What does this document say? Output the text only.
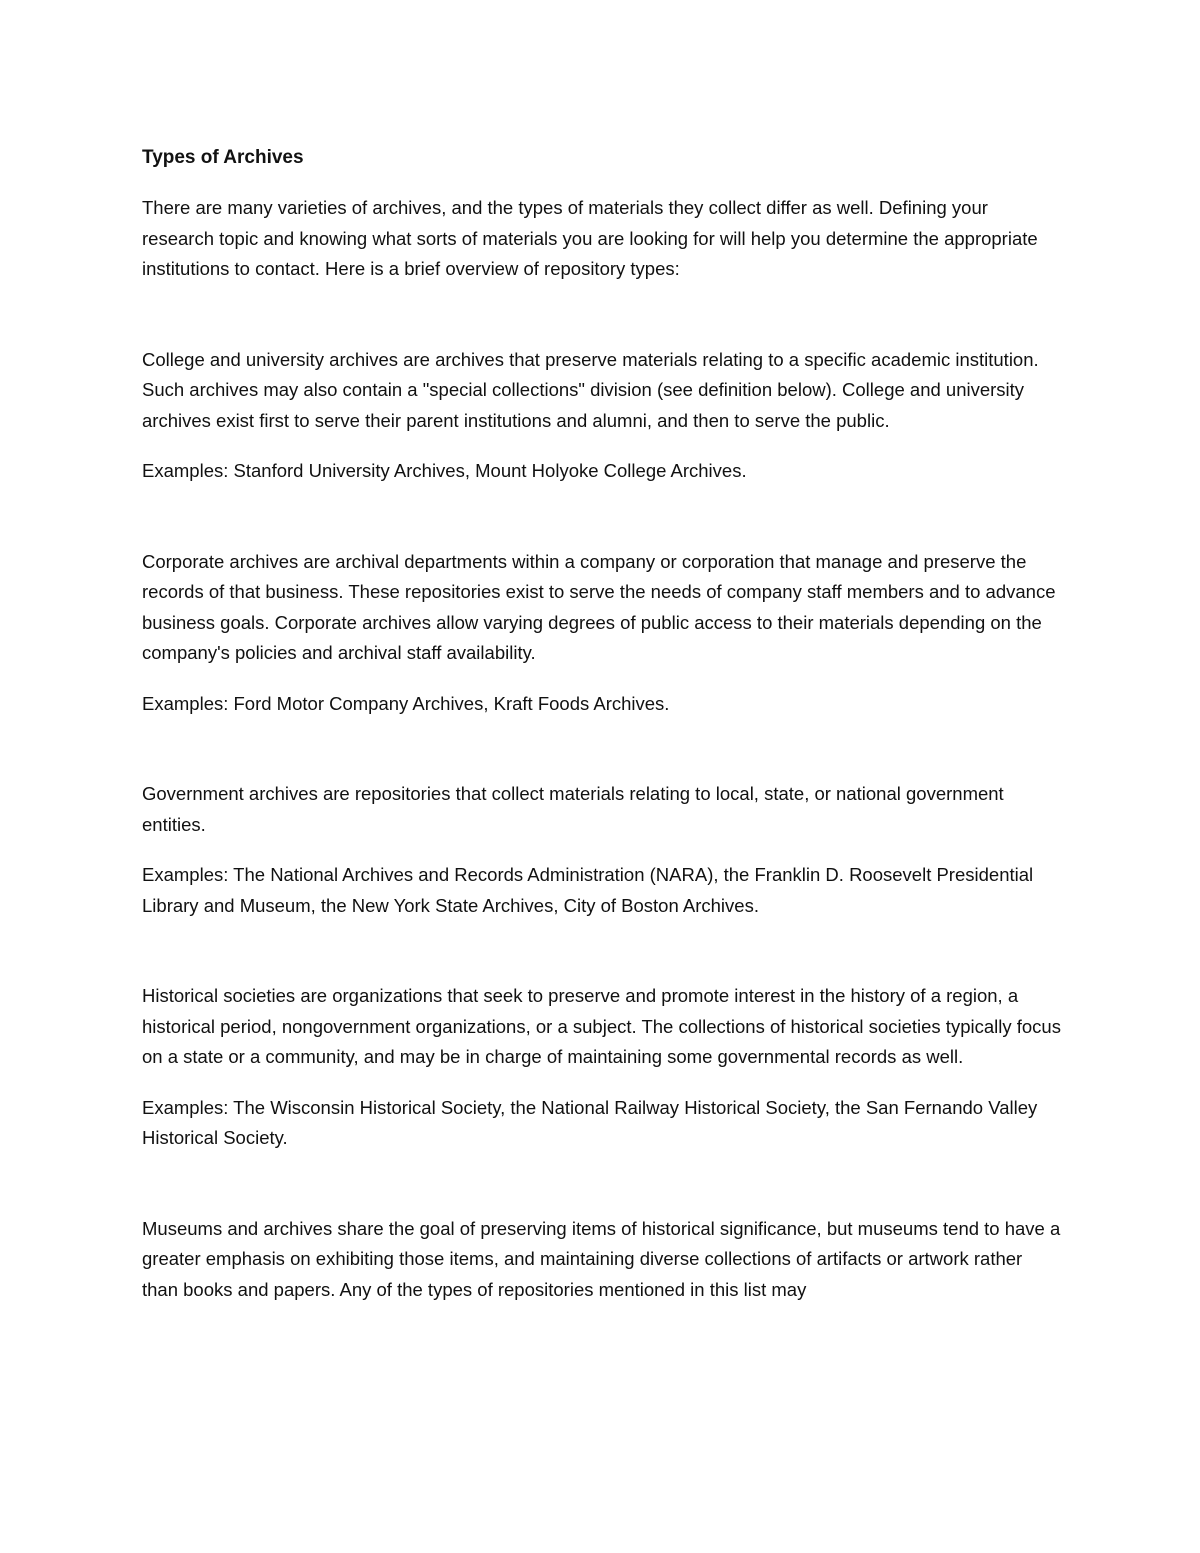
Types of Archives

There are many varieties of archives, and the types of materials they collect differ as well. Defining your research topic and knowing what sorts of materials you are looking for will help you determine the appropriate institutions to contact. Here is a brief overview of repository types:

College and university archives are archives that preserve materials relating to a specific academic institution. Such archives may also contain a "special collections" division (see definition below). College and university archives exist first to serve their parent institutions and alumni, and then to serve the public.

Examples: Stanford University Archives, Mount Holyoke College Archives.

Corporate archives are archival departments within a company or corporation that manage and preserve the records of that business. These repositories exist to serve the needs of company staff members and to advance business goals. Corporate archives allow varying degrees of public access to their materials depending on the company's policies and archival staff availability.

Examples: Ford Motor Company Archives, Kraft Foods Archives.

Government archives are repositories that collect materials relating to local, state, or national government entities.

Examples: The National Archives and Records Administration (NARA), the Franklin D. Roosevelt Presidential Library and Museum, the New York State Archives, City of Boston Archives.

Historical societies are organizations that seek to preserve and promote interest in the history of a region, a historical period, nongovernment organizations, or a subject. The collections of historical societies typically focus on a state or a community, and may be in charge of maintaining some governmental records as well.

Examples: The Wisconsin Historical Society, the National Railway Historical Society, the San Fernando Valley Historical Society.

Museums and archives share the goal of preserving items of historical significance, but museums tend to have a greater emphasis on exhibiting those items, and maintaining diverse collections of artifacts or artwork rather than books and papers. Any of the types of repositories mentioned in this list may
